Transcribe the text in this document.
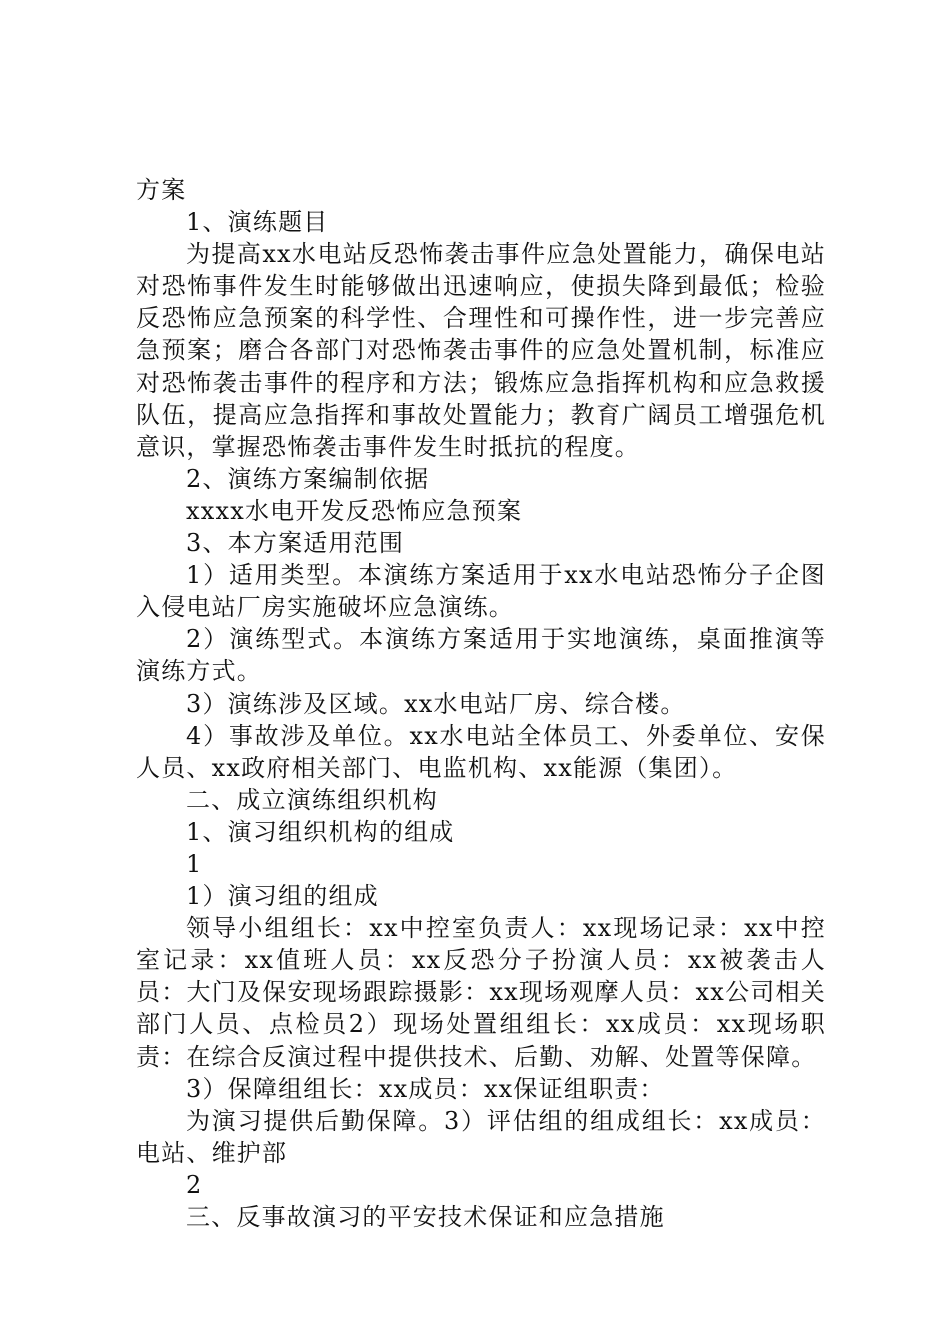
方案

1、演练题目

为提高xx水电站反恐怖袭击事件应急处置能力，确保电站对恐怖事件发生时能够做出迅速响应，使损失降到最低；检验反恐怖应急预案的科学性、合理性和可操作性，进一步完善应急预案；磨合各部门对恐怖袭击事件的应急处置机制，标准应对恐怖袭击事件的程序和方法；锻炼应急指挥机构和应急救援队伍，提高应急指挥和事故处置能力；教育广阔员工增强危机意识，掌握恐怖袭击事件发生时抵抗的程度。

2、演练方案编制依据

xxxx水电开发反恐怖应急预案

3、本方案适用范围

1）适用类型。本演练方案适用于xx水电站恐怖分子企图入侵电站厂房实施破坏应急演练。

2）演练型式。本演练方案适用于实地演练，桌面推演等演练方式。

3）演练涉及区域。xx水电站厂房、综合楼。

4）事故涉及单位。xx水电站全体员工、外委单位、安保人员、xx政府相关部门、电监机构、xx能源（集团）。

二、成立演练组织机构

1、演习组织机构的组成

1

1）演习组的组成

领导小组组长：xx中控室负责人：xx现场记录：xx中控室记录：xx值班人员：xx反恐分子扮演人员：xx被袭击人员：大门及保安现场跟踪摄影：xx现场观摩人员：xx公司相关部门人员、点检员2）现场处置组组长：xx成员：xx现场职责：在综合反演过程中提供技术、后勤、劝解、处置等保障。

3）保障组组长：xx成员：xx保证组职责：

为演习提供后勤保障。3）评估组的组成组长：xx成员：电站、维护部

2

三、反事故演习的平安技术保证和应急措施
